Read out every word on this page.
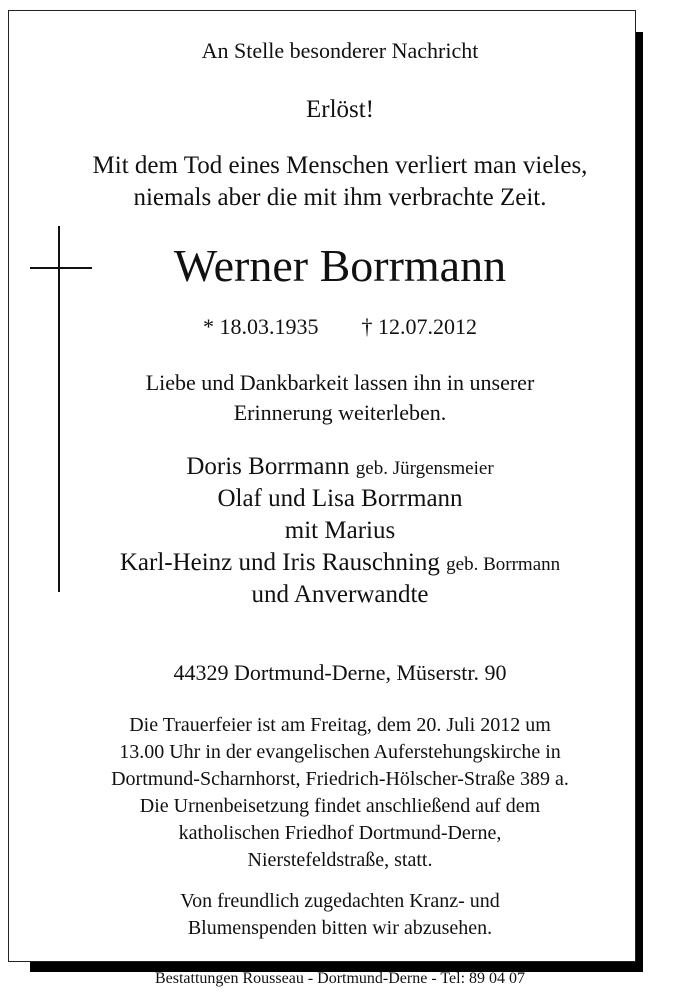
An Stelle besonderer Nachricht
Erlöst!
Mit dem Tod eines Menschen verliert man vieles,
niemals aber die mit ihm verbrachte Zeit.
Werner Borrmann
* 18.03.1935 † 12.07.2012
Liebe und Dankbarkeit lassen ihn in unserer
Erinnerung weiterleben.
Doris Borrmann geb. Jürgensmeier
Olaf und Lisa Borrmann
mit Marius
Karl-Heinz und Iris Rauschning geb. Borrmann
und Anverwandte
44329 Dortmund-Derne, Müserstr. 90
Die Trauerfeier ist am Freitag, dem 20. Juli 2012 um
13.00 Uhr in der evangelischen Auferstehungskirche in
Dortmund-Scharnhorst, Friedrich-Hölscher-Straße 389 a.
Die Urnenbeisetzung findet anschließend auf dem
katholischen Friedhof Dortmund-Derne,
Nierstefeldstraße, statt.
Von freundlich zugedachten Kranz- und
Blumenspenden bitten wir abzusehen.
Bestattungen Rousseau - Dortmund-Derne - Tel: 89 04 07
